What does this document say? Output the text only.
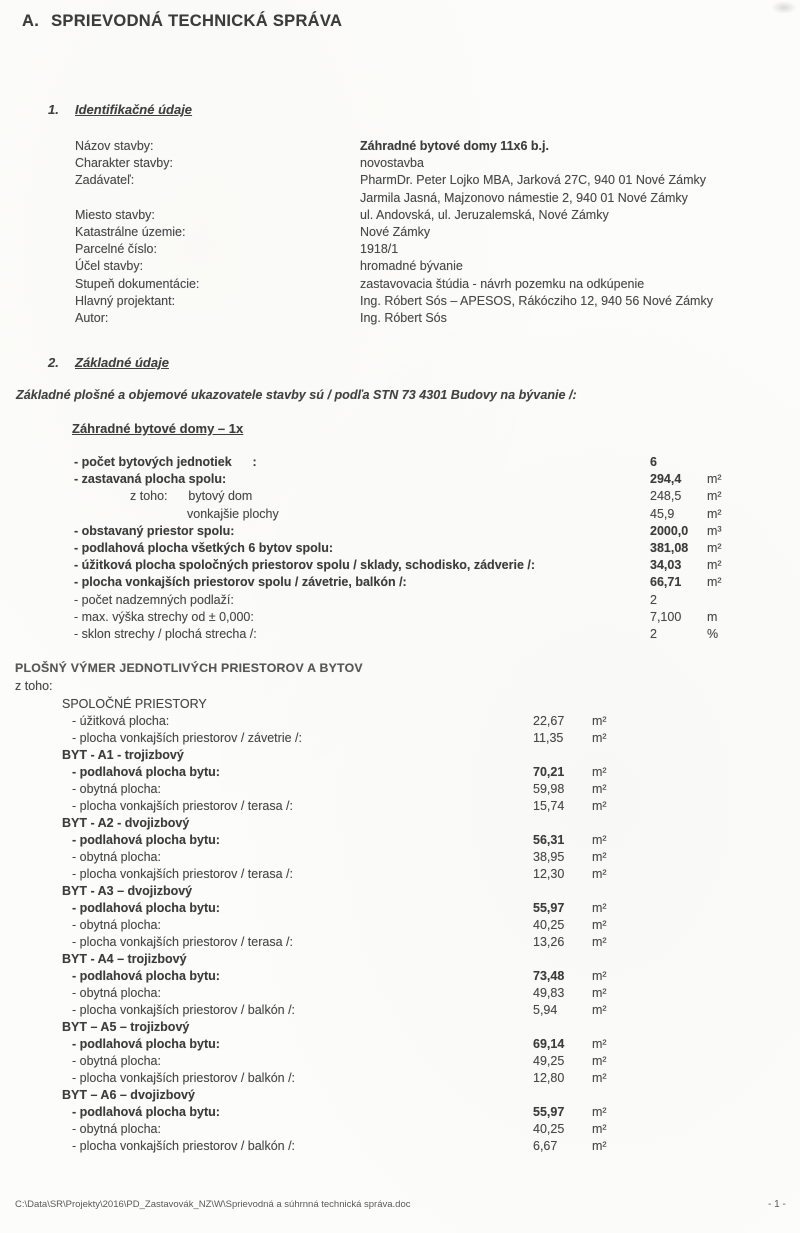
A. SPRIEVODNÁ TECHNICKÁ SPRÁVA
1. Identifikačné údaje
Názov stavby:	Záhradné bytové domy 11x6 b.j.
Charakter stavby:	novostavba
Zadávateľ:	PharmDr. Peter Lojko MBA, Jarková 27C, 940 01 Nové Zámky
Jarmila Jasná, Majzonovo námestie 2, 940 01 Nové Zámky
Miesto stavby:	ul. Andovská, ul. Jeruzalemská, Nové Zámky
Katastrálne územie:	Nové Zámky
Parcelné číslo:	1918/1
Účel stavby:	hromadné bývanie
Stupeň dokumentácie:	zastavovacia štúdia - návrh pozemku na odkúpenie
Hlavný projektant:	Ing. Róbert Sós – APESOS, Rákócziho 12, 940 56 Nové Zámky
Autor:	Ing. Róbert Sós
2. Základné údaje
Základné plošné a objemové ukazovatele stavby sú / podľa STN 73 4301 Budovy na bývanie /:
Záhradné bytové domy – 1x
- počet bytových jednotiek      :	6
- zastavaná plocha spolu:	294,4 m²
z toho:      bytový dom	248,5 m²
vonkajšie plochy	45,9	m²
- obstavaný priestor spolu:	2000,0 m³
- podlahová plocha všetkých 6 bytov spolu:	381,08 m²
- úžitková plocha spoločných priestorov spolu / sklady, schodisko, zádverie /:	34,03 m²
- plocha vonkajších priestorov spolu / závetrie, balkón /:	66,71 m²
- počet nadzemných podlaží:	2
- max. výška strechy od ± 0,000:	7,100 m
- sklon strechy / plochá strecha /:	2	%
PLOŠNÝ VÝMER JEDNOTLIVÝCH PRIESTOROV A BYTOV
z toho:
SPOLOČNÉ PRIESTORY
- úžitková plocha:	22,67 m²
- plocha vonkajších priestorov / závetrie /:	11,35 m²
BYT - A1 - trojizbový
- podlahová plocha bytu:	70,21 m²
- obytná plocha:	59,98 m²
- plocha vonkajších priestorov / terasa /:	15,74 m²
BYT - A2 - dvojizbový
- podlahová plocha bytu:	56,31 m²
- obytná plocha:	38,95 m²
- plocha vonkajších priestorov / terasa /:	12,30 m²
BYT - A3 – dvojizbový
- podlahová plocha bytu:	55,97 m²
- obytná plocha:	40,25 m²
- plocha vonkajších priestorov / terasa /:	13,26 m²
BYT - A4 – trojizbový
- podlahová plocha bytu:	73,48 m²
- obytná plocha:	49,83 m²
- plocha vonkajších priestorov / balkón /:	5,94	m²
BYT – A5 – trojizbový
- podlahová plocha bytu:	69,14 m²
- obytná plocha:	49,25 m²
- plocha vonkajších priestorov / balkón /:	12,80 m²
BYT – A6 – dvojizbový
- podlahová plocha bytu:	55,97 m²
- obytná plocha:	40,25 m²
- plocha vonkajších priestorov / balkón /:	6,67	m²
C:\Data\SR\Projekty\2016\PD_Zastavovák_NZ\W\Sprievodná a súhrnná technická správa.doc	- 1 -
